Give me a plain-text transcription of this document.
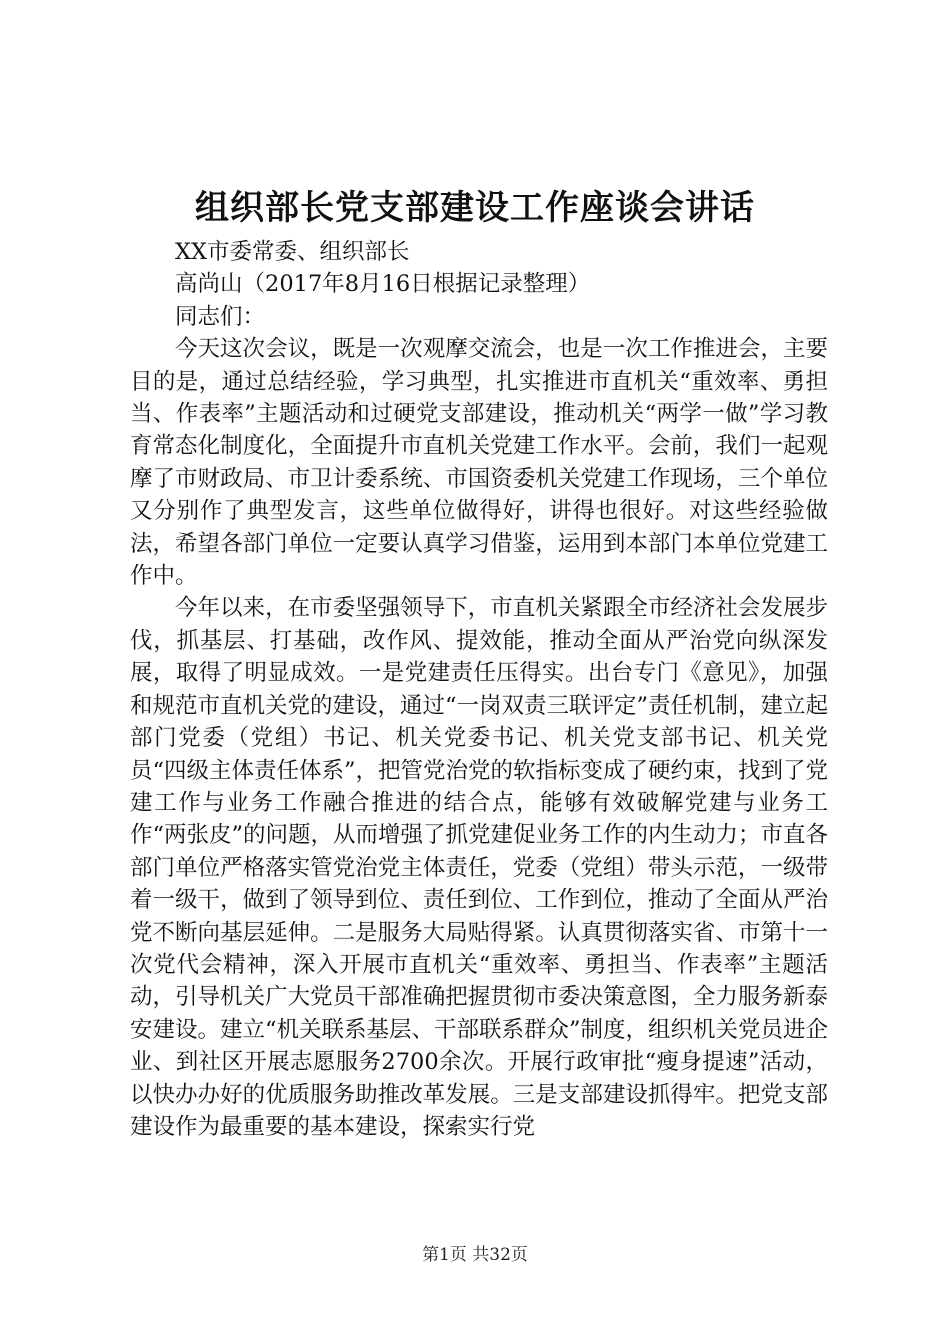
组织部长党支部建设工作座谈会讲话

XX市委常委、组织部长

高尚山（2017年8月16日根据记录整理）

同志们：

今天这次会议，既是一次观摩交流会，也是一次工作推进会，主要目的是，通过总结经验，学习典型，扎实推进市直机关“重效率、勇担当、作表率”主题活动和过硬党支部建设，推动机关“两学一做”学习教育常态化制度化，全面提升市直机关党建工作水平。会前，我们一起观摩了市财政局、市卫计委系统、市国资委机关党建工作现场，三个单位又分别作了典型发言，这些单位做得好，讲得也很好。对这些经验做法，希望各部门单位一定要认真学习借鉴，运用到本部门本单位党建工作中。

今年以来，在市委坚强领导下，市直机关紧跟全市经济社会发展步伐，抓基层、打基础，改作风、提效能，推动全面从严治党向纵深发展，取得了明显成效。一是党建责任压得实。出台专门《意见》，加强和规范市直机关党的建设，通过“一岗双责三联评定”责任机制，建立起部门党委（党组）书记、机关党委书记、机关党支部书记、机关党员“四级主体责任体系”，把管党治党的软指标变成了硬约束，找到了党建工作与业务工作融合推进的结合点，能够有效破解党建与业务工作“两张皮”的问题，从而增强了抓党建促业务工作的内生动力；市直各部门单位严格落实管党治党主体责任，党委（党组）带头示范，一级带着一级干，做到了领导到位、责任到位、工作到位，推动了全面从严治党不断向基层延伸。二是服务大局贴得紧。认真贯彻落实省、市第十一次党代会精神，深入开展市直机关“重效率、勇担当、作表率”主题活动，引导机关广大党员干部准确把握贯彻市委决策意图，全力服务新泰安建设。建立“机关联系基层、干部联系群众”制度，组织机关党员进企业、到社区开展志愿服务2700余次。开展行政审批“瘦身提速”活动，以快办办好的优质服务助推改革发展。三是支部建设抓得牢。把党支部建设作为最重要的基本建设，探索实行党

第1页 共32页
